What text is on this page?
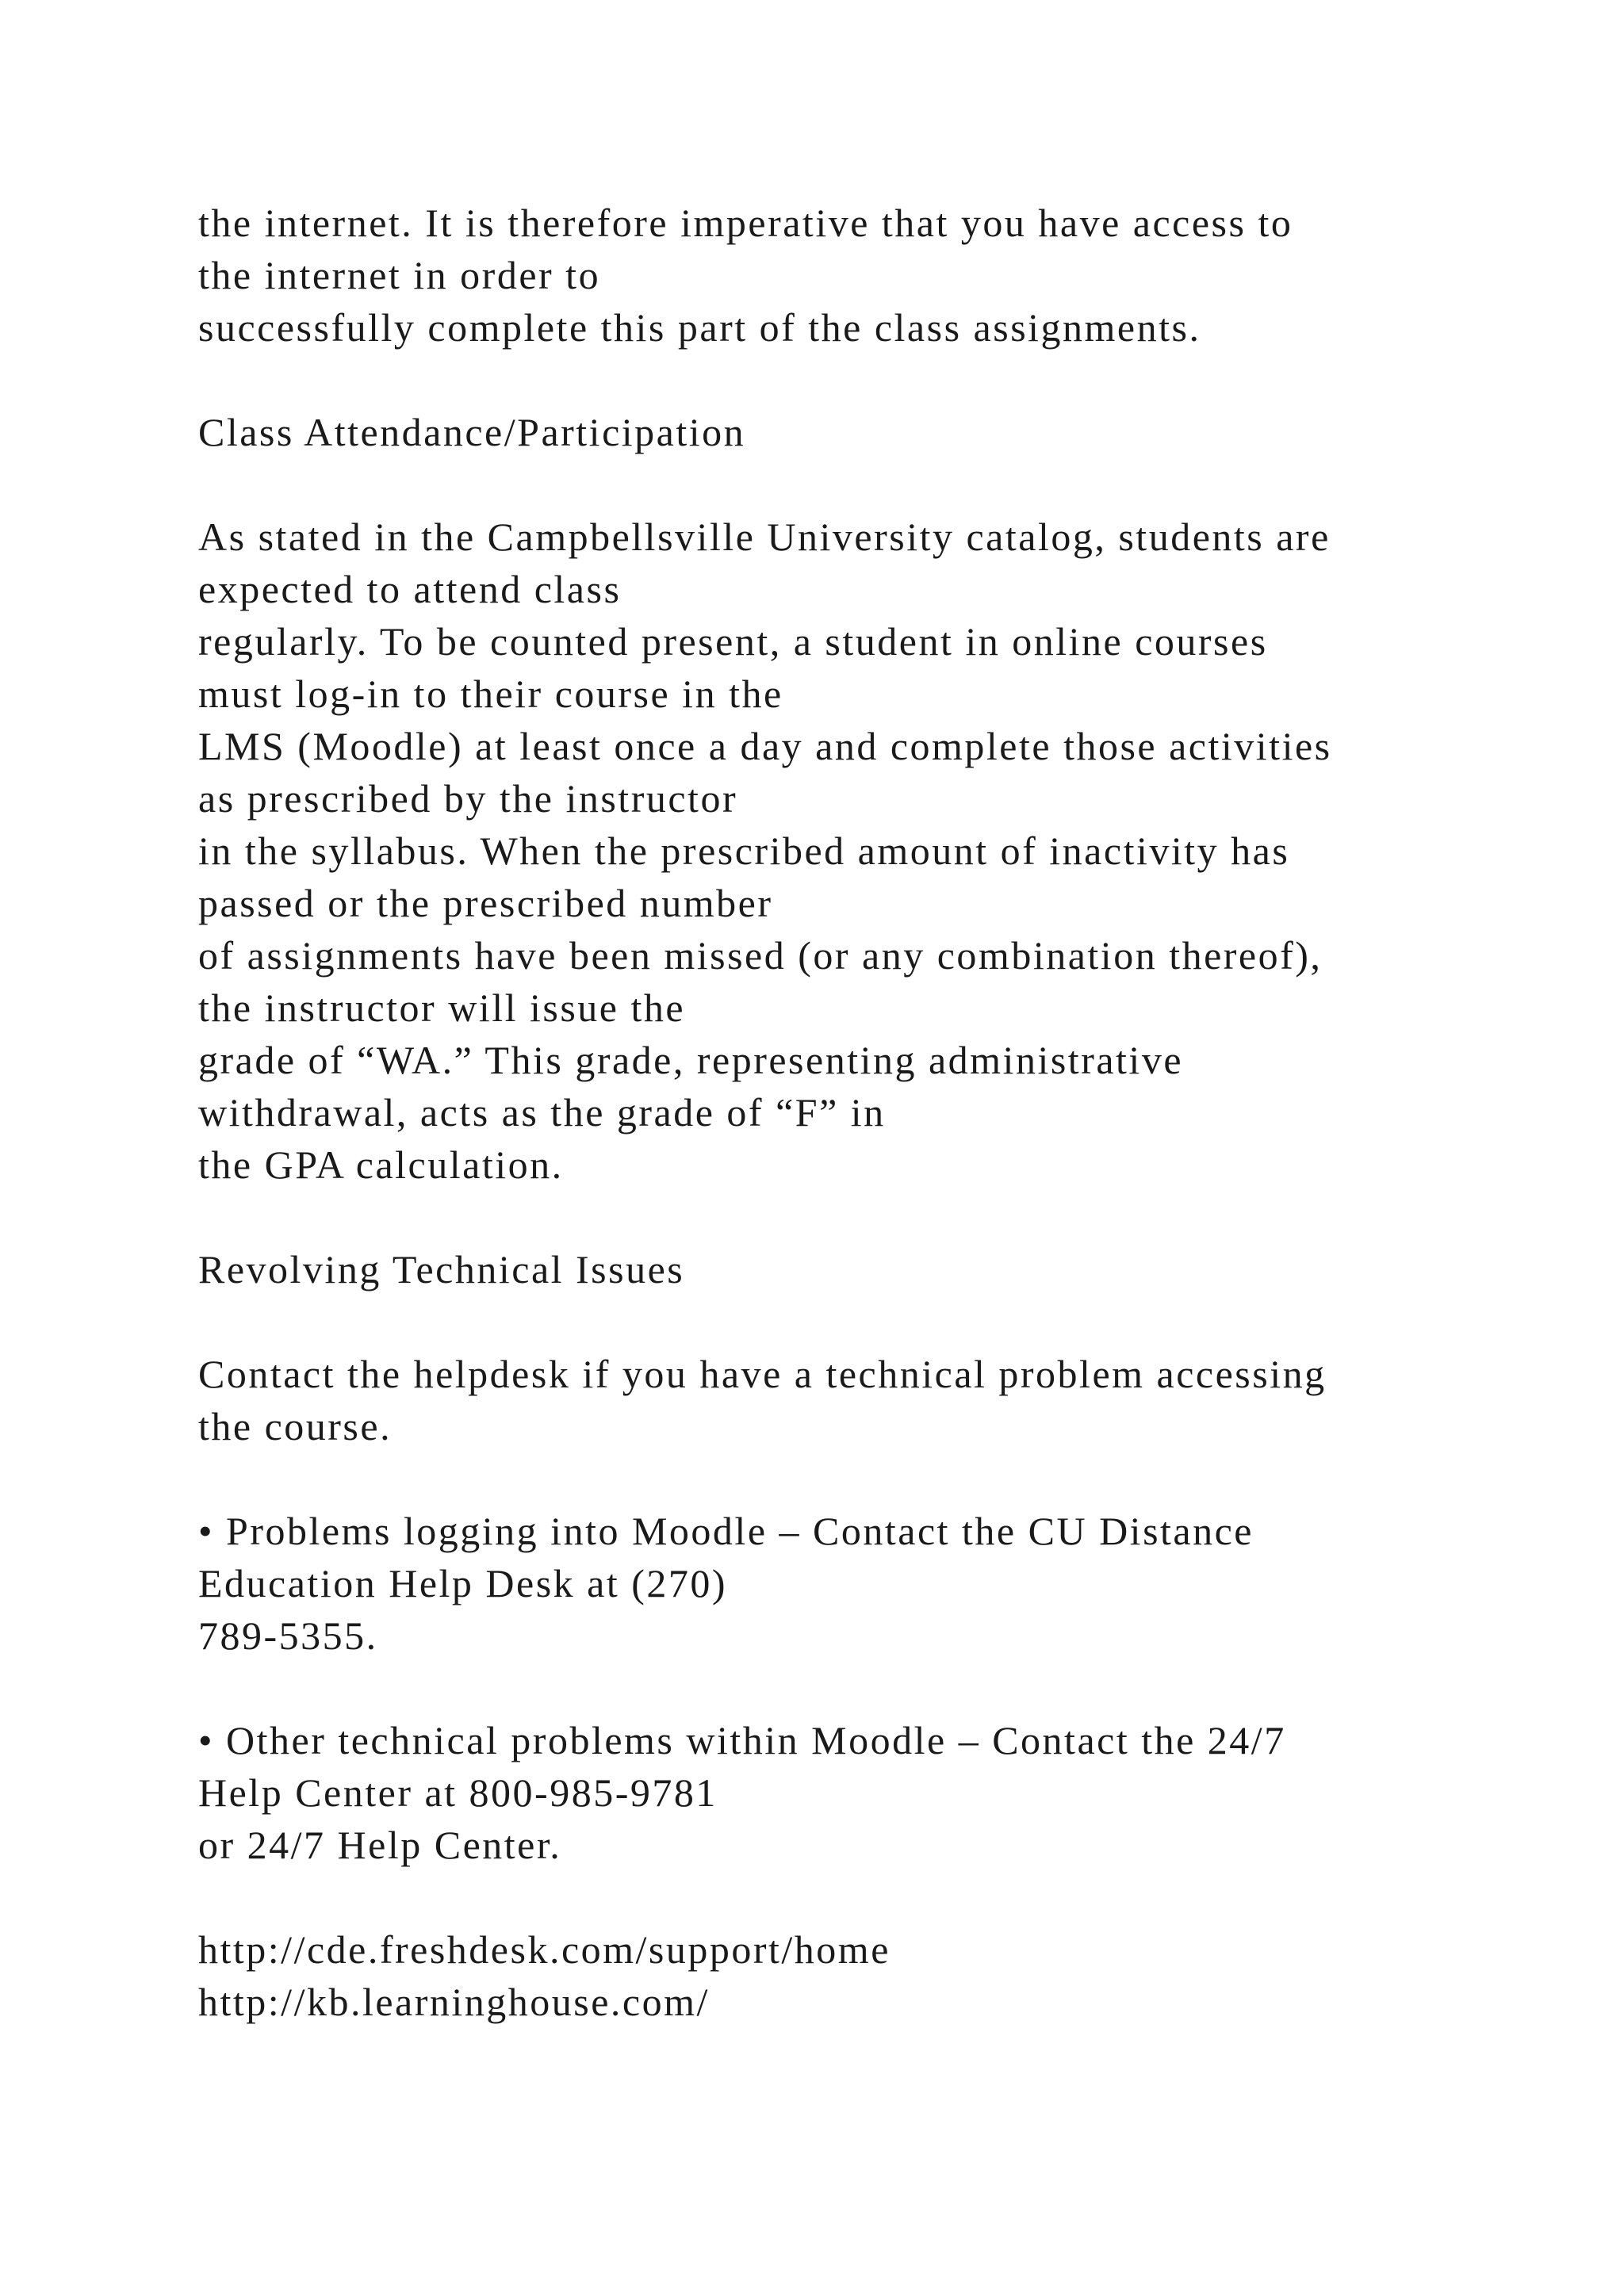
the internet. It is therefore imperative that you have access to
the internet in order to
successfully complete this part of the class assignments.
Class Attendance/Participation
As stated in the Campbellsville University catalog, students are
expected to attend class
regularly. To be counted present, a student in online courses
must log-in to their course in the
LMS (Moodle) at least once a day and complete those activities
as prescribed by the instructor
in the syllabus. When the prescribed amount of inactivity has
passed or the prescribed number
of assignments have been missed (or any combination thereof),
the instructor will issue the
grade of “WA.” This grade, representing administrative
withdrawal, acts as the grade of “F” in
the GPA calculation.
Revolving Technical Issues
Contact the helpdesk if you have a technical problem accessing
the course.
• Problems logging into Moodle – Contact the CU Distance
Education Help Desk at (270)
789-5355.
• Other technical problems within Moodle – Contact the 24/7
Help Center at 800-985-9781
or 24/7 Help Center.
http://cde.freshdesk.com/support/home
http://kb.learninghouse.com/
